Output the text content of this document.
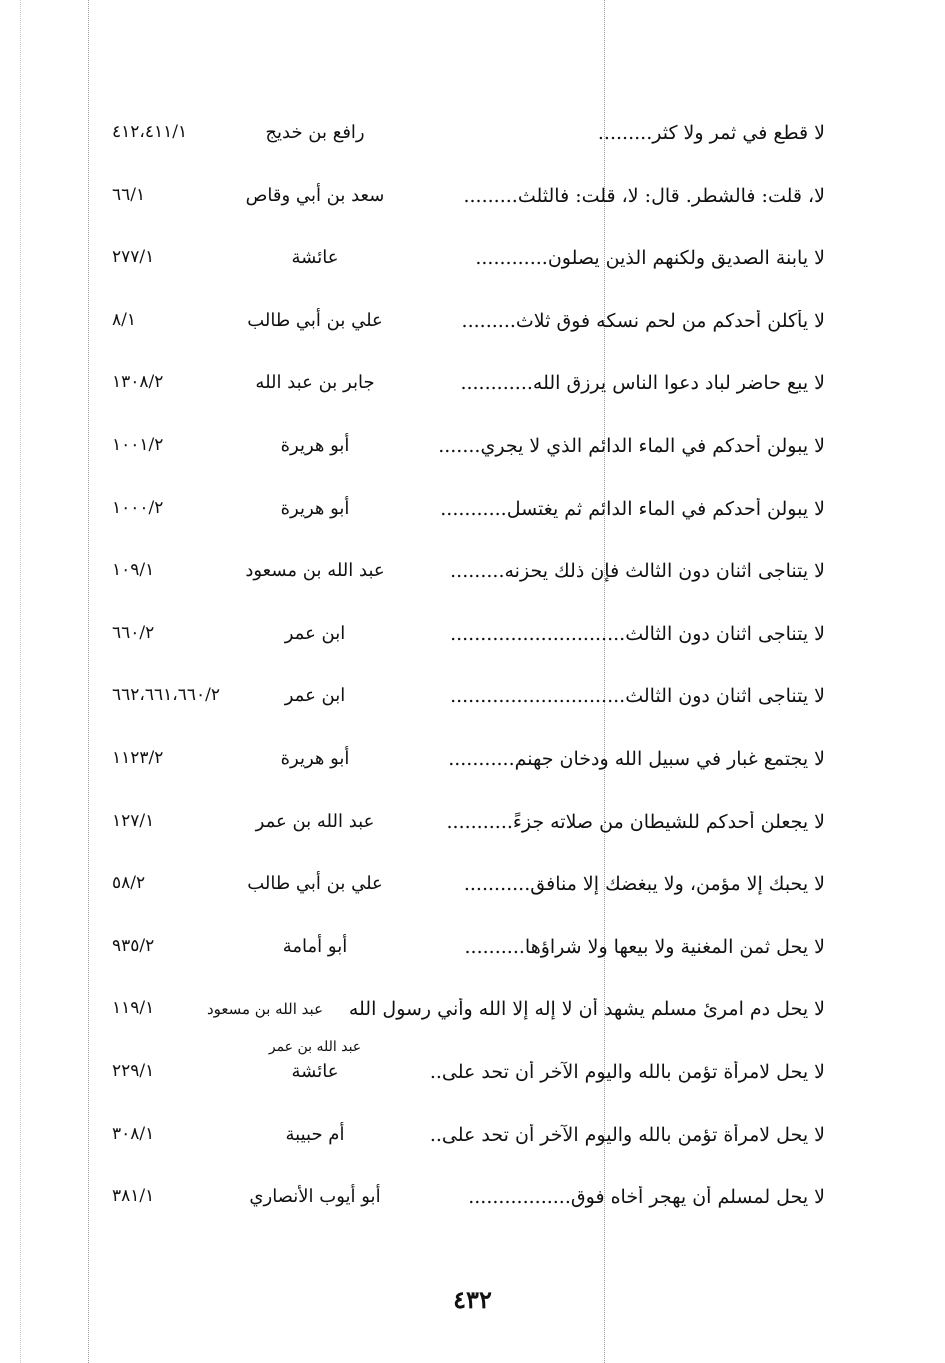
لا قطع في ثمر ولا كثر.........
رافع بن خديج
٤١٢،٤١١/١
لا، قلت: فالشطر. قال: لا، قلت: فالثلث.........
سعد بن أبي وقاص
٦٦/١
لا يابنة الصديق ولكنهم الذين يصلون............
عائشة
٢٧٧/١
لا يأكلن أحدكم من لحم نسكه فوق ثلاث.........
علي بن أبي طالب
٨/١
لا يبع حاضر لباد دعوا الناس يرزق الله............
جابر بن عبد الله
١٣٠٨/٢
لا يبولن أحدكم في الماء الدائم الذي لا يجري.......
أبو هريرة
١٠٠١/٢
لا يبولن أحدكم في الماء الدائم ثم يغتسل...........
أبو هريرة
١٠٠٠/٢
لا يتناجى اثنان دون الثالث فإن ذلك يحزنه.........
عبد الله بن مسعود
١٠٩/١
لا يتناجى اثنان دون الثالث.............................
ابن عمر
٦٦٠/٢
لا يتناجى اثنان دون الثالث.............................
ابن عمر
٦٦٢،٦٦١،٦٦٠/٢
لا يجتمع غبار في سبيل الله ودخان جهنم...........
أبو هريرة
١١٢٣/٢
لا يجعلن أحدكم للشيطان من صلاته جزءً...........
عبد الله بن عمر
١٢٧/١
لا يحبك إلا مؤمن، ولا يبغضك إلا منافق...........
علي بن أبي طالب
٥٨/٢
لا يحل ثمن المغنية ولا بيعها ولا شراؤها..........
أبو أمامة
٩٣٥/٢
لا يحل دم امرئ مسلم يشهد أن لا إله إلا الله وأني رسول الله
عبد الله بن مسعود
١١٩/١
لا يحل لامرأة تؤمن بالله واليوم الآخر أن تحد على..
عبد الله بن عمر
عائشة
٢٢٩/١
لا يحل لامرأة تؤمن بالله واليوم الآخر أن تحد على..
أم حبيبة
٣٠٨/١
لا يحل لمسلم أن يهجر أخاه فوق.................
أبو أيوب الأنصاري
٣٨١/١
٤٣٢
